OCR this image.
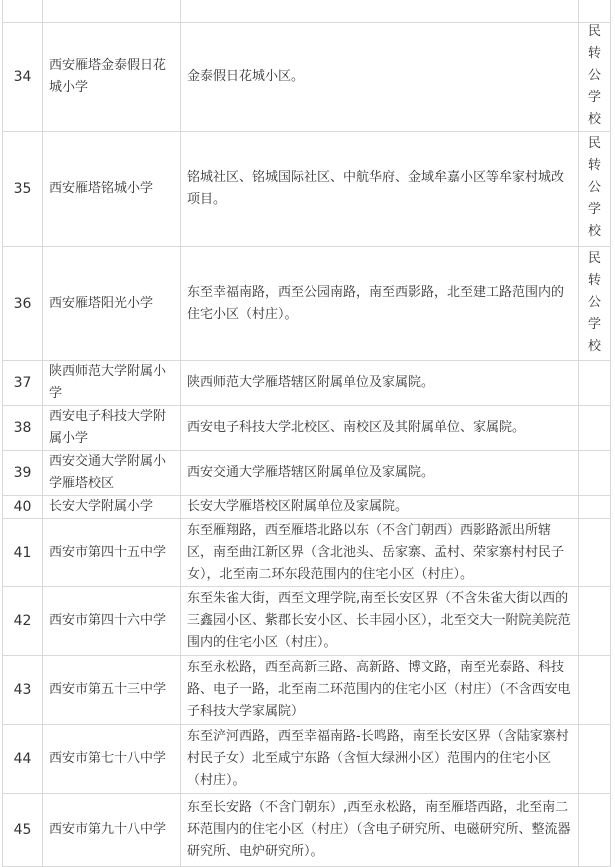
34	西安雁塔金泰假日花城小学	金泰假日花城小区。	民转公学校
35	西安雁塔铭城小学	铭城社区、铭城国际社区、中航华府、金域牟嘉小区等牟家村城改项目。	民转公学校
36	西安雁塔阳光小学	东至幸福南路，西至公园南路，南至西影路，北至建工路范围内的住宅小区（村庄）。	民转公学校
37	陕西师范大学附属小学	陕西师范大学雁塔辖区附属单位及家属院。	
38	西安电子科技大学附属小学	西安电子科技大学北校区、南校区及其附属单位、家属院。	
39	西安交通大学附属小学雁塔校区	西安交通大学雁塔辖区附属单位及家属院。	
40	长安大学附属小学	长安大学雁塔校区附属单位及家属院。	
41	西安市第四十五中学	东至雁翔路，西至雁塔北路以东（不含门朝西）西影路派出所辖区，南至曲江新区界（含北池头、岳家寨、孟村、荣家寨村村民子女），北至南二环东段范围内的住宅小区（村庄）。	
42	西安市第四十六中学	东至朱雀大街，西至文理学院,南至长安区界（不含朱雀大街以西的三鑫园小区、紫郡长安小区、长丰园小区），北至交大一附院美院范围内的住宅小区（村庄）。	
43	西安市第五十三中学	东至永松路，西至高新三路、高新路、博文路，南至光泰路、科技路、电子一路，北至南二环范围内的住宅小区（村庄）（不含西安电子科技大学家属院）	
44	西安市第七十八中学	东至浐河西路，西至幸福南路-长鸣路，南至长安区界（含陆家寨村村民子女）北至咸宁东路（含恒大绿洲小区）范围内的住宅小区（村庄）。	
45	西安市第九十八中学	东至长安路（不含门朝东）,西至永松路，南至雁塔西路，北至南二环范围内的住宅小区（村庄）（含电子研究所、电磁研究所、整流器研究所、电炉研究所）。	
